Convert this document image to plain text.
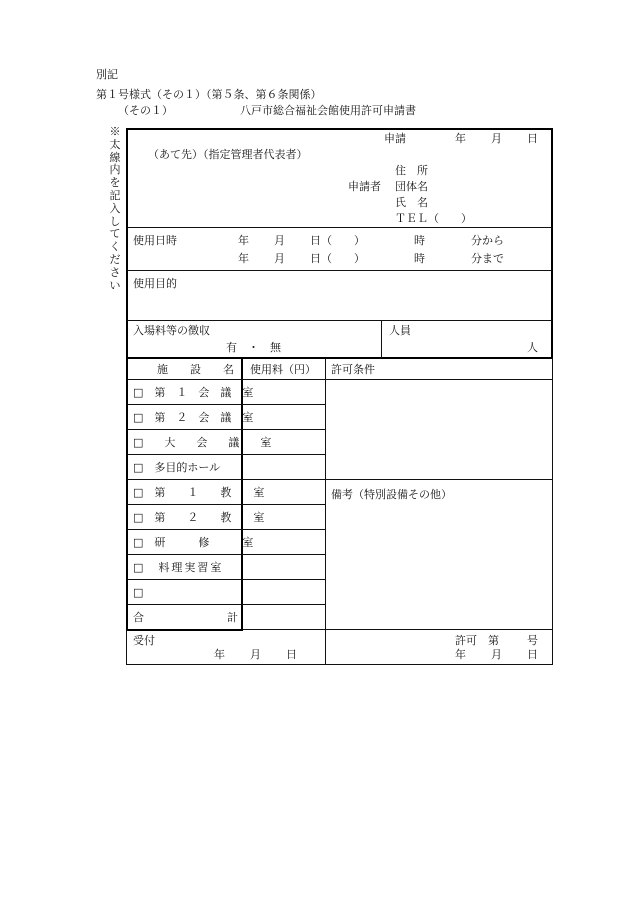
別記
第１号様式（その１）（第５条、第６条関係）
（その１）	八戸市総合福祉会館使用許可申請書
※太線内を記入してください
申請	年 月 日
（あて先）（指定管理者代表者）
住　所
申請者 団体名
氏　名
ＴＥＬ（　　）
使用日時	年 月 日（　　）	時	分から
年 月 日（　　）	時	分まで
使用目的
入場料等の徴収
有　・　無
人員
人
施　　設　　名 使用料（円） 許可条件
□　第　１　会　議　室
□　第　２　会　議　室
□　大　会　議　室
□　多目的ホール
□　第　　１　　教　　室
□　第　　２　　教　　室
□　研　　　修　　　室
□　料理実習室
□
合	計
備考（特別設備その他）
受付
年 月 日
許可　第	号
年 月 日
